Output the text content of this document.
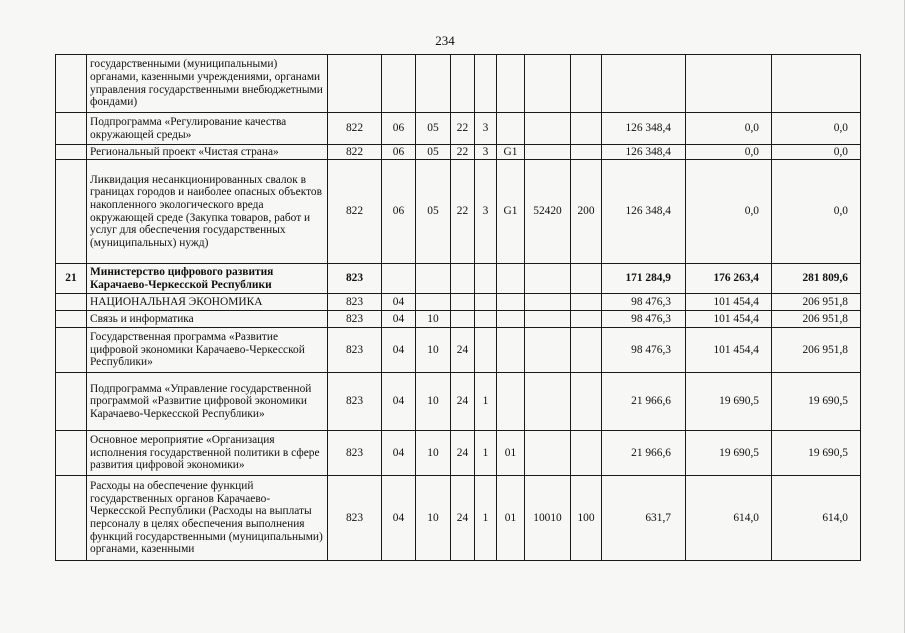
234
	государственными (муниципальными) органами, казенными учреждениями, органами управления государственными внебюджетными фондами)											
	Подпрограмма «Регулирование качества окружающей среды»	822	06	05	22	3				126 348,4	0,0	0,0
	Региональный проект «Чистая страна»	822	06	05	22	3	G1			126 348,4	0,0	0,0
	Ликвидация несанкционированных свалок в границах городов и наиболее опасных объектов накопленного экологического вреда окружающей среде (Закупка товаров, работ и услуг для обеспечения государственных (муниципальных) нужд)	822	06	05	22	3	G1	52420	200	126 348,4	0,0	0,0
21	Министерство цифрового развития Карачаево-Черкесской Республики	823								171 284,9	176 263,4	281 809,6
	НАЦИОНАЛЬНАЯ ЭКОНОМИКА	823	04							98 476,3	101 454,4	206 951,8
	Связь и информатика	823	04	10						98 476,3	101 454,4	206 951,8
	Государственная программа «Развитие цифровой экономики Карачаево-Черкесской Республики»	823	04	10	24					98 476,3	101 454,4	206 951,8
	Подпрограмма «Управление государственной программой «Развитие цифровой экономики Карачаево-Черкесской Республики»	823	04	10	24	1				21 966,6	19 690,5	19 690,5
	Основное мероприятие «Организация исполнения государственной политики в сфере развития цифровой экономики»	823	04	10	24	1	01			21 966,6	19 690,5	19 690,5
	Расходы на обеспечение функций государственных органов Карачаево-Черкесской Республики (Расходы на выплаты персоналу в целях обеспечения выполнения функций государственными (муниципальными) органами, казенными	823	04	10	24	1	01	10010	100	631,7	614,0	614,0
